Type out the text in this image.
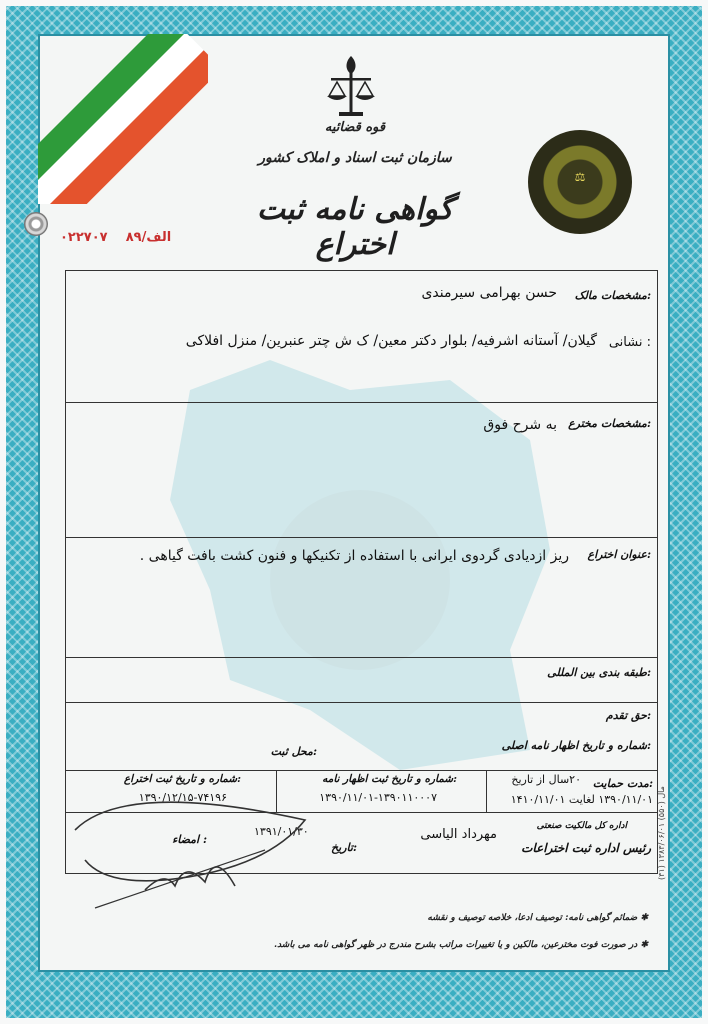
قوه قضائیه
سازمان ثبت اسناد و املاک کشور
گواهی نامه ثبت اختراع
۰۲۲۷۰۷ الف/۸۹
⚖
مشخصات مالک:
حسن بهرامی سیرمندی
نشانی :
گیلان/ آستانه اشرفیه/ بلوار دکتر معین/ ک ش چتر عنبرین/ منزل افلاکی
مشخصات مخترع:
به شرح فوق
عنوان اختراع:
ریز ازدیادی گردوی ایرانی با استفاده از تکنیکها و فنون کشت بافت گیاهی .
طبقه بندی بین المللی:
حق تقدم:
شماره و تاریخ اظهار نامه اصلی:
محل ثبت:
مدت حمایت:
۲۰سال از تاریخ
۱۳۹۰/۱۱/۰۱ لغایت ۱۴۱۰/۱۱/۰۱
شماره و تاریخ ثبت اظهار نامه:
۱۳۹۰/۱۱/۰۱-۱۳۹۰۱۱۰۰۰۷
شماره و تاریخ ثبت اختراع:
۱۳۹۰/۱۲/۱۵-۷۴۱۹۶
اداره کل مالکیت صنعتی
رئیس اداره ثبت اختراعات
مهرداد الیاسی
تاریخ:
۱۳۹۱/۰۱/۳۰
امضاء :
✱ ضمائم گواهی نامه: توصیف ادعا، خلاصه توصیف و نقشه
✱ در صورت فوت مخترعین، مالکین و یا تغییرات مراتب بشرح مندرج در ظهر گواهی نامه می باشد.
(۳۱) ۱۳۸۳/۰۶/۰۱ (۵۵۰) مال
